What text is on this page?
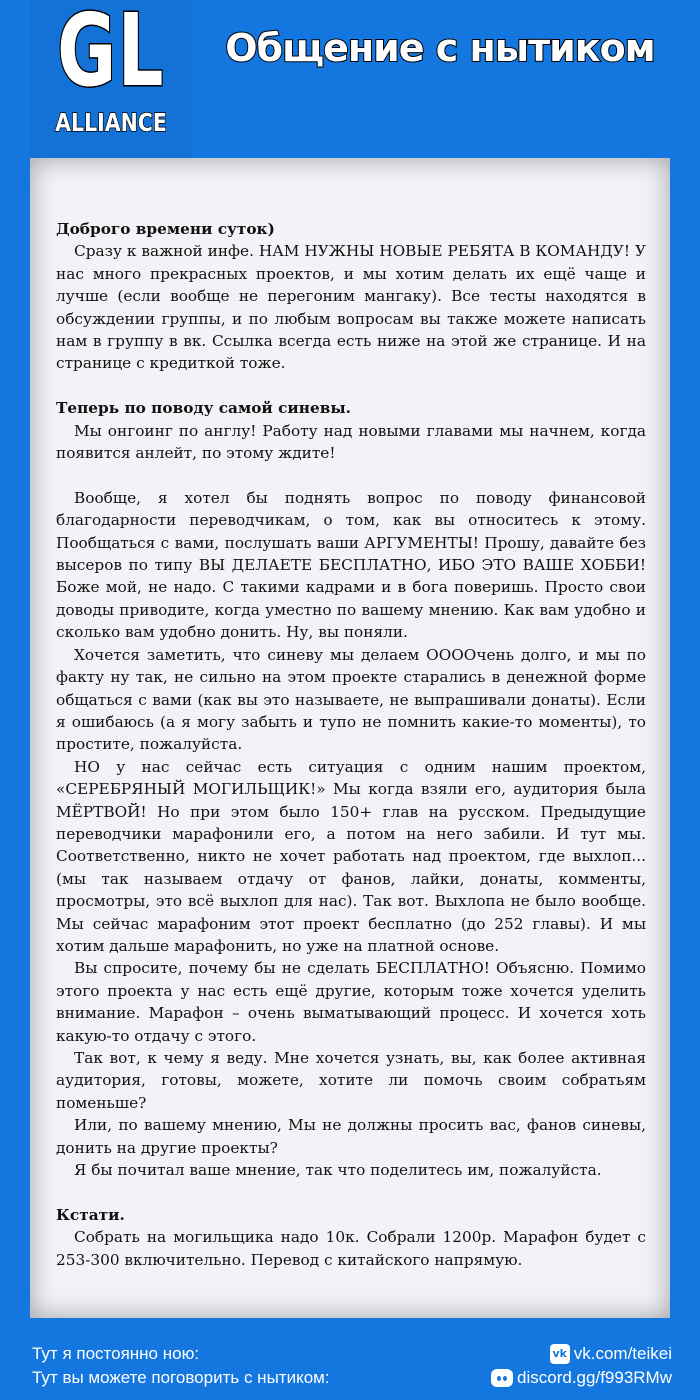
GL
ALLIANCE
Общение с нытиком

Доброго времени суток)

Сразу к важной инфе. НАМ НУЖНЫ НОВЫЕ РЕБЯТА В КОМАНДУ! У нас много прекрасных проектов, и мы хотим делать их ещё чаще и лучше (если вообще не перегоним мангаку). Все тесты находятся в обсуждении группы, и по любым вопросам вы также можете написать нам в группу в вк. Ссылка всегда есть ниже на этой же странице. И на странице с кредиткой тоже.

Теперь по поводу самой синевы.

Мы онгоинг по англу! Работу над новыми главами мы начнем, когда появится анлейт, по этому ждите!

Вообще, я хотел бы поднять вопрос по поводу финансовой благодарности переводчикам, о том, как вы относитесь к этому. Пообщаться с вами, послушать ваши АРГУМЕНТЫ! Прошу, давайте без высеров по типу ВЫ ДЕЛАЕТЕ БЕСПЛАТНО, ИБО ЭТО ВАШЕ ХОББИ! Боже мой, не надо. С такими кадрами и в бога поверишь. Просто свои доводы приводите, когда уместно по вашему мнению. Как вам удобно и сколько вам удобно донить. Ну, вы поняли.

Хочется заметить, что синеву мы делаем ООООчень долго, и мы по факту ну так, не сильно на этом проекте старались в денежной форме общаться с вами (как вы это называете, не выпрашивали донаты). Если я ошибаюсь (а я могу забыть и тупо не помнить какие-то моменты), то простите, пожалуйста.

НО у нас сейчас есть ситуация с одним нашим проектом, «СЕРЕБРЯНЫЙ МОГИЛЬЩИК!» Мы когда взяли его, аудитория была МЁРТВОЙ! Но при этом было 150+ глав на русском. Предыдущие переводчики марафонили его, а потом на него забили. И тут мы. Соответственно, никто не хочет работать над проектом, где выхлоп... (мы так называем отдачу от фанов, лайки, донаты, комменты, просмотры, это всё выхлоп для нас). Так вот. Выхлопа не было вообще. Мы сейчас марафоним этот проект бесплатно (до 252 главы). И мы хотим дальше марафонить, но уже на платной основе.

Вы спросите, почему бы не сделать БЕСПЛАТНО! Объясню. Помимо этого проекта у нас есть ещё другие, которым тоже хочется уделить внимание. Марафон – очень выматывающий процесс. И хочется хоть какую-то отдачу с этого.

Так вот, к чему я веду. Мне хочется узнать, вы, как более активная аудитория, готовы, можете, хотите ли помочь своим собратьям поменьше?

Или, по вашему мнению, Мы не должны просить вас, фанов синевы, донить на другие проекты?

Я бы почитал ваше мнение, так что поделитесь им, пожалуйста.

Кстати.

Собрать на могильщика надо 10к. Собрали 1200р. Марафон будет с 253-300 включительно. Перевод с китайского напрямую.

Тут я постоянно ною:	vk vk.com/teikei
Тут вы можете поговорить с нытиком:	discord.gg/f993RMw
